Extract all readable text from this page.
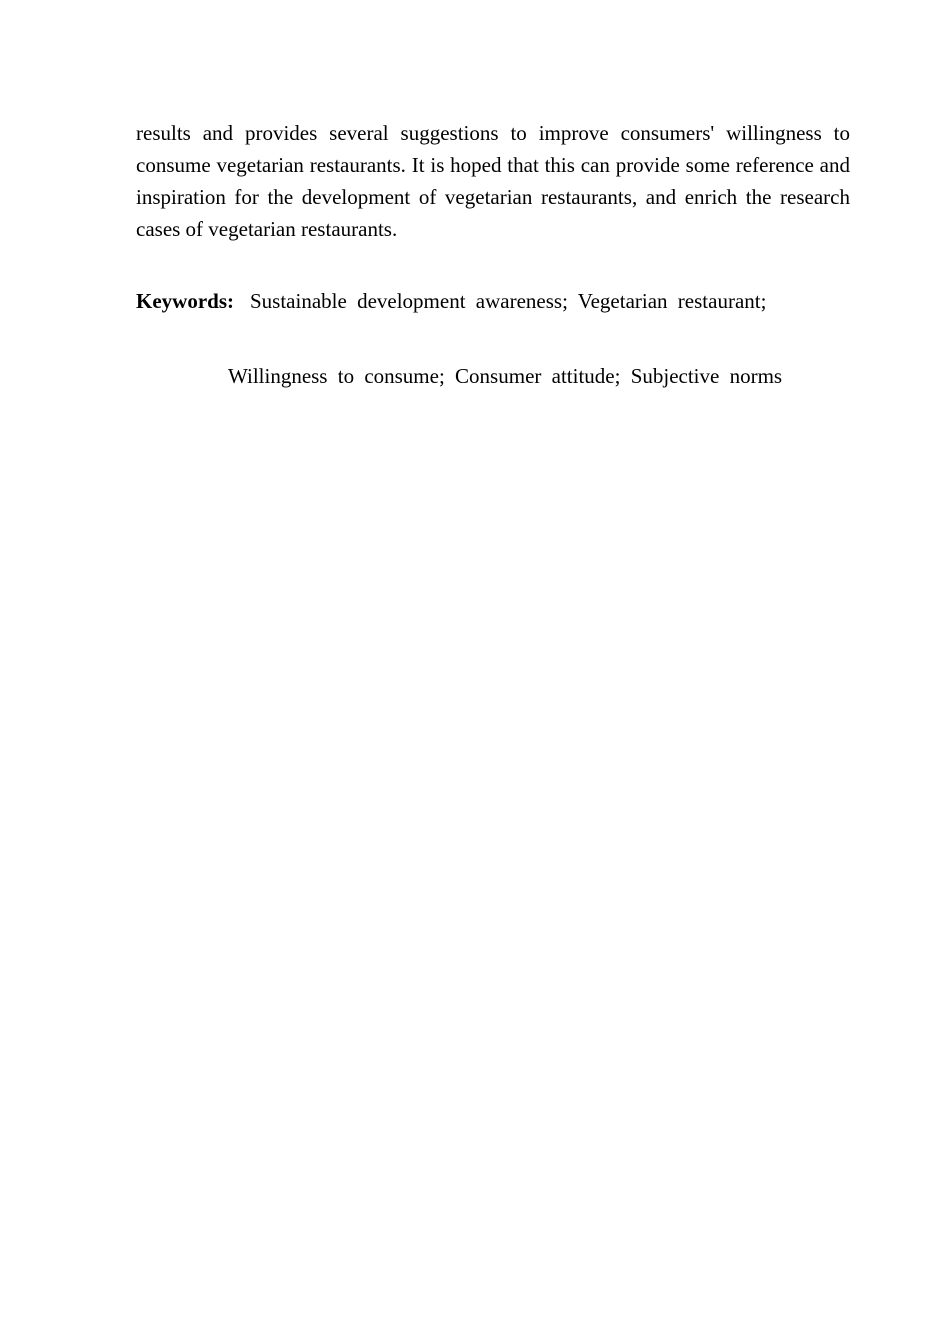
results and provides several suggestions to improve consumers' willingness to consume vegetarian restaurants. It is hoped that this can provide some reference and inspiration for the development of vegetarian restaurants, and enrich the research cases of vegetarian restaurants.

Keywords: Sustainable development awareness; Vegetarian restaurant;

Willingness to consume; Consumer attitude; Subjective norms
